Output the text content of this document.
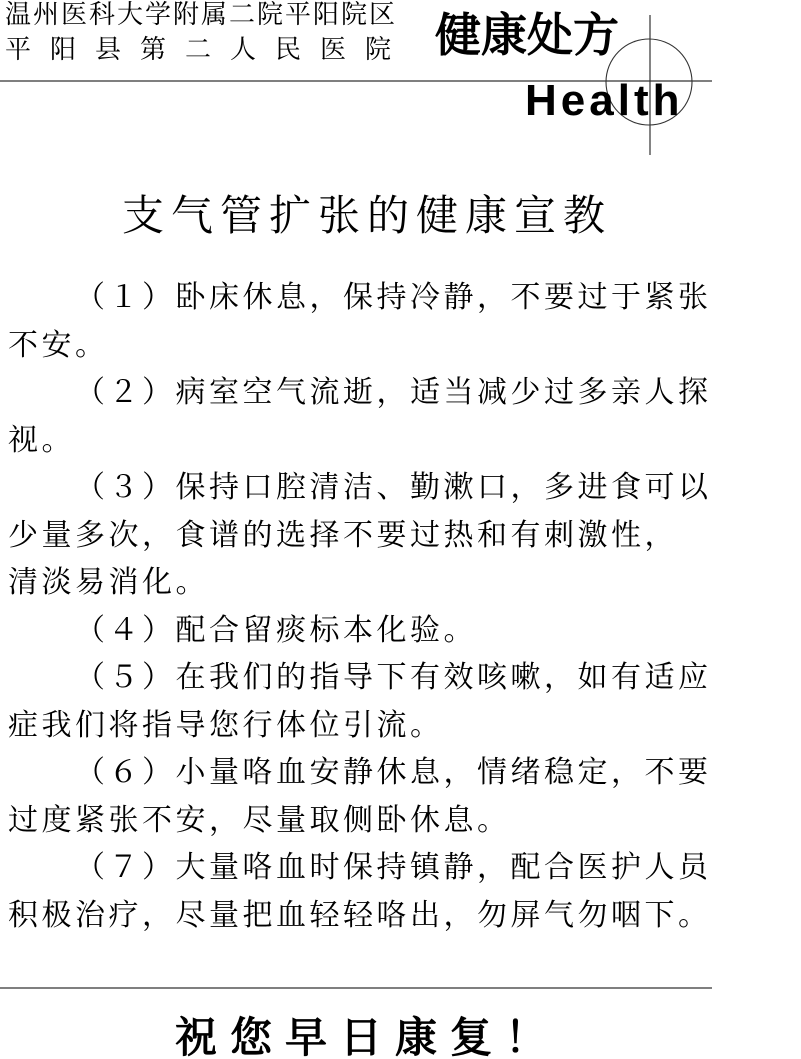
温州医科大学附属二院平阳院区
平阳县第二人民医院 健康处方
Health
支气管扩张的健康宣教
（１）卧床休息，保持冷静，不要过于紧张
不安。
（２）病室空气流逝，适当减少过多亲人探
视。
（３）保持口腔清洁、勤漱口，多进食可以
少量多次，食谱的选择不要过热和有刺激性，
清淡易消化。
（４）配合留痰标本化验。
（５）在我们的指导下有效咳嗽，如有适应
症我们将指导您行体位引流。
（６）小量咯血安静休息，情绪稳定，不要
过度紧张不安，尽量取侧卧休息。
（７）大量咯血时保持镇静，配合医护人员
积极治疗，尽量把血轻轻咯出，勿屏气勿咽下。
祝您早日康复！
